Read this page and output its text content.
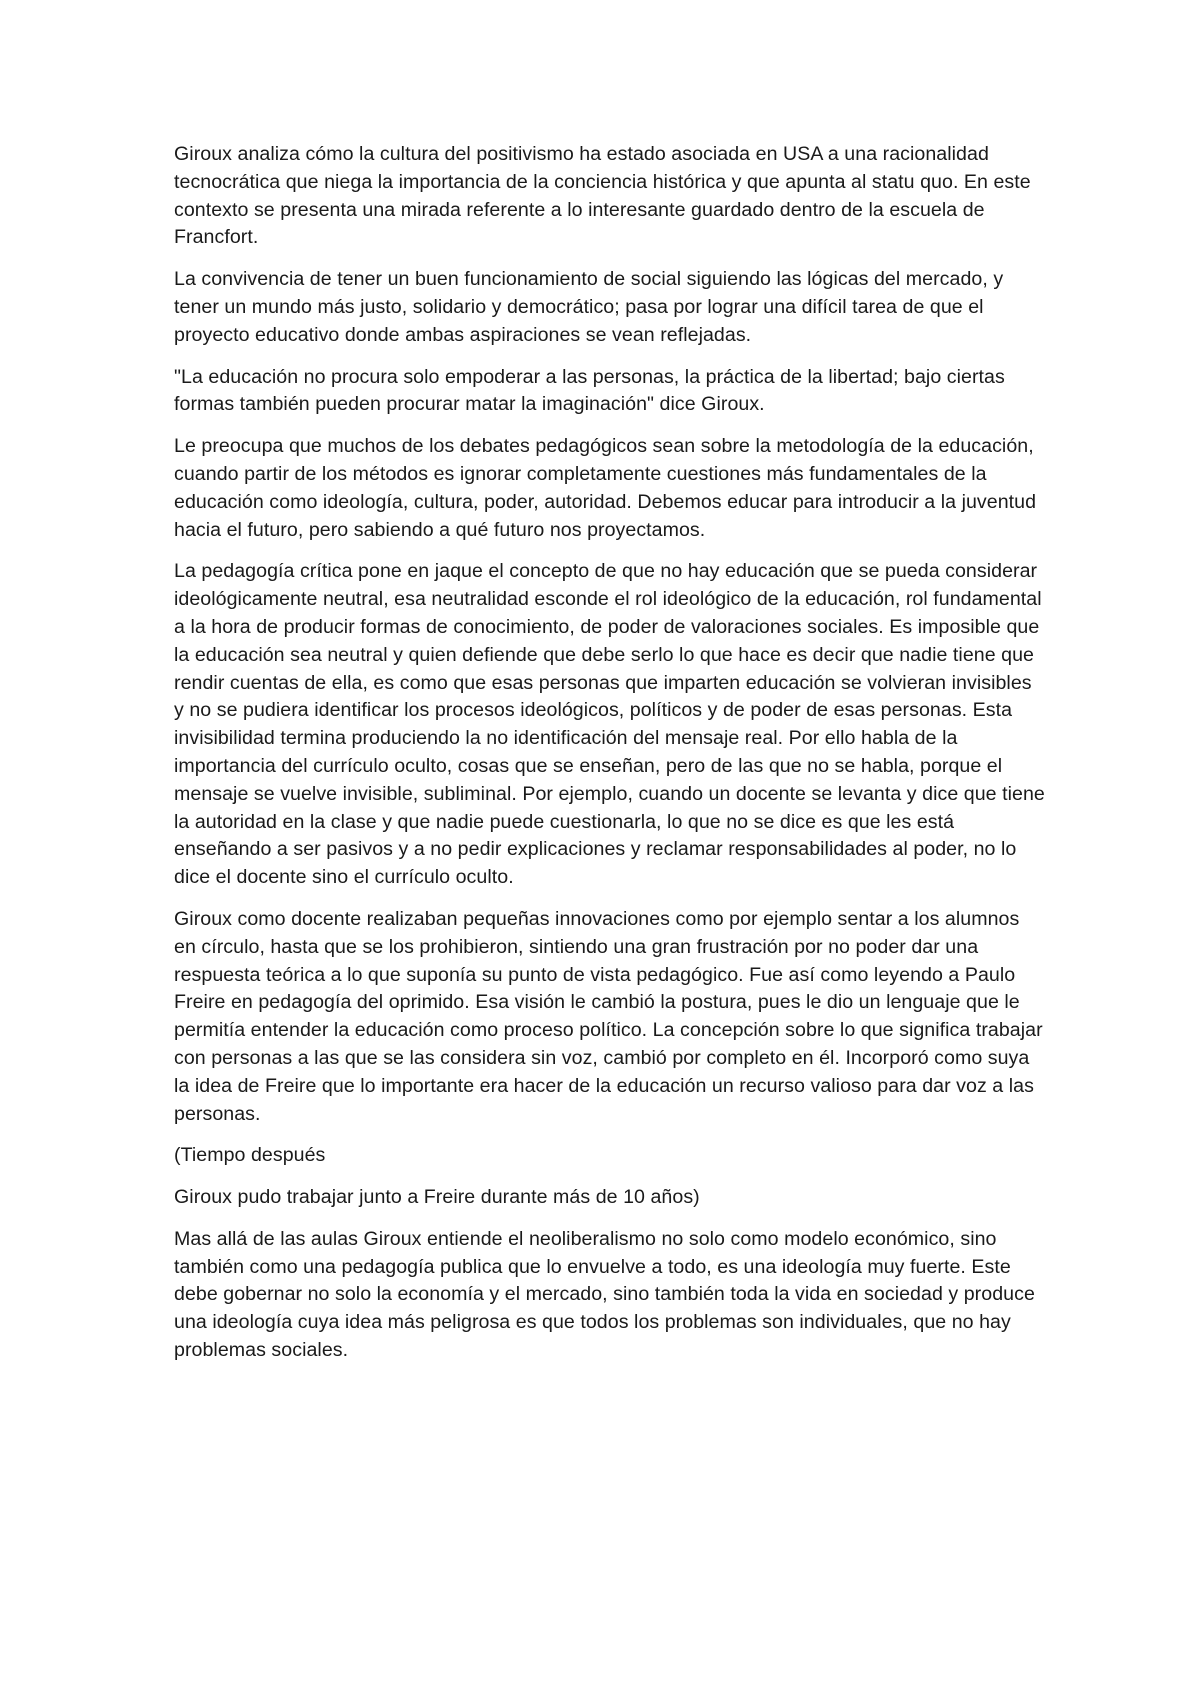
Giroux analiza cómo la cultura del positivismo ha estado asociada en USA a una racionalidad tecnocrática que niega la importancia de la conciencia histórica y que apunta al statu quo. En este contexto se presenta una mirada referente a lo interesante guardado dentro de la escuela de Francfort.

La convivencia de tener un buen funcionamiento de social siguiendo las lógicas del mercado, y tener un mundo más justo, solidario y democrático; pasa por lograr una difícil tarea de que el proyecto educativo donde ambas aspiraciones se vean reflejadas.

"La educación no procura solo empoderar a las personas, la práctica de la libertad; bajo ciertas formas también pueden procurar matar la imaginación" dice Giroux.

Le preocupa que muchos de los debates pedagógicos sean sobre la metodología de la educación, cuando partir de los métodos es ignorar completamente cuestiones más fundamentales de la educación como ideología, cultura, poder, autoridad. Debemos educar para introducir a la juventud hacia el futuro, pero sabiendo a qué futuro nos proyectamos.

La pedagogía crítica pone en jaque el concepto de que no hay educación que se pueda considerar ideológicamente neutral, esa neutralidad esconde el rol ideológico de la educación, rol fundamental a la hora de producir formas de conocimiento, de poder de valoraciones sociales. Es imposible que la educación sea neutral y quien defiende que debe serlo lo que hace es decir que nadie tiene que rendir cuentas de ella, es como que esas personas que imparten educación se volvieran invisibles y no se pudiera identificar los procesos ideológicos, políticos y de poder de esas personas. Esta invisibilidad termina produciendo la no identificación del mensaje real. Por ello habla de la importancia del currículo oculto, cosas que se enseñan, pero de las que no se habla, porque el mensaje se vuelve invisible, subliminal. Por ejemplo, cuando un docente se levanta y dice que tiene la autoridad en la clase y que nadie puede cuestionarla, lo que no se dice es que les está enseñando a ser pasivos y a no pedir explicaciones y reclamar responsabilidades al poder, no lo dice el docente sino el currículo oculto.

Giroux como docente realizaban pequeñas innovaciones como por ejemplo sentar a los alumnos en círculo, hasta que se los prohibieron, sintiendo una gran frustración por no poder dar una respuesta teórica a lo que suponía su punto de vista pedagógico. Fue así como leyendo a Paulo Freire en pedagogía del oprimido. Esa visión le cambió la postura, pues le dio un lenguaje que le permitía entender la educación como proceso político. La concepción sobre lo que significa trabajar con personas a las que se las considera sin voz, cambió por completo en él. Incorporó como suya la idea de Freire que lo importante era hacer de la educación un recurso valioso para dar voz a las personas.

(Tiempo después

Giroux pudo trabajar junto a Freire durante más de 10 años)

Mas allá de las aulas Giroux entiende el neoliberalismo no solo como modelo económico, sino también como una pedagogía publica que lo envuelve a todo, es una ideología muy fuerte. Este debe gobernar no solo la economía y el mercado, sino también toda la vida en sociedad y produce una ideología cuya idea más peligrosa es que todos los problemas son individuales, que no hay problemas sociales.
